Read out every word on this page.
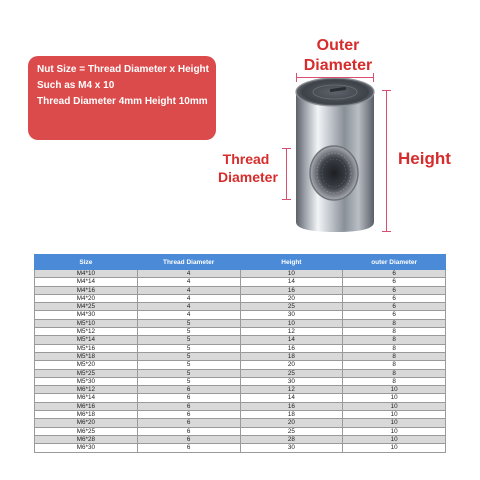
Nut Size = Thread Diameter x Height
Such as M4 x 10
Thread Diameter 4mm Height 10mm
Outer
Diameter
Height
Thread
Diameter
Size	Thread Diameter	Height	outer Diameter
M4*10	4	10	6
M4*14	4	14	6
M4*16	4	16	6
M4*20	4	20	6
M4*25	4	25	6
M4*30	4	30	6
M5*10	5	10	8
M5*12	5	12	8
M5*14	5	14	8
M5*16	5	16	8
M5*18	5	18	8
M5*20	5	20	8
M5*25	5	25	8
M5*30	5	30	8
M6*12	6	12	10
M6*14	6	14	10
M6*16	6	16	10
M6*18	6	18	10
M6*20	6	20	10
M6*25	6	25	10
M6*28	6	28	10
M6*30	6	30	10
